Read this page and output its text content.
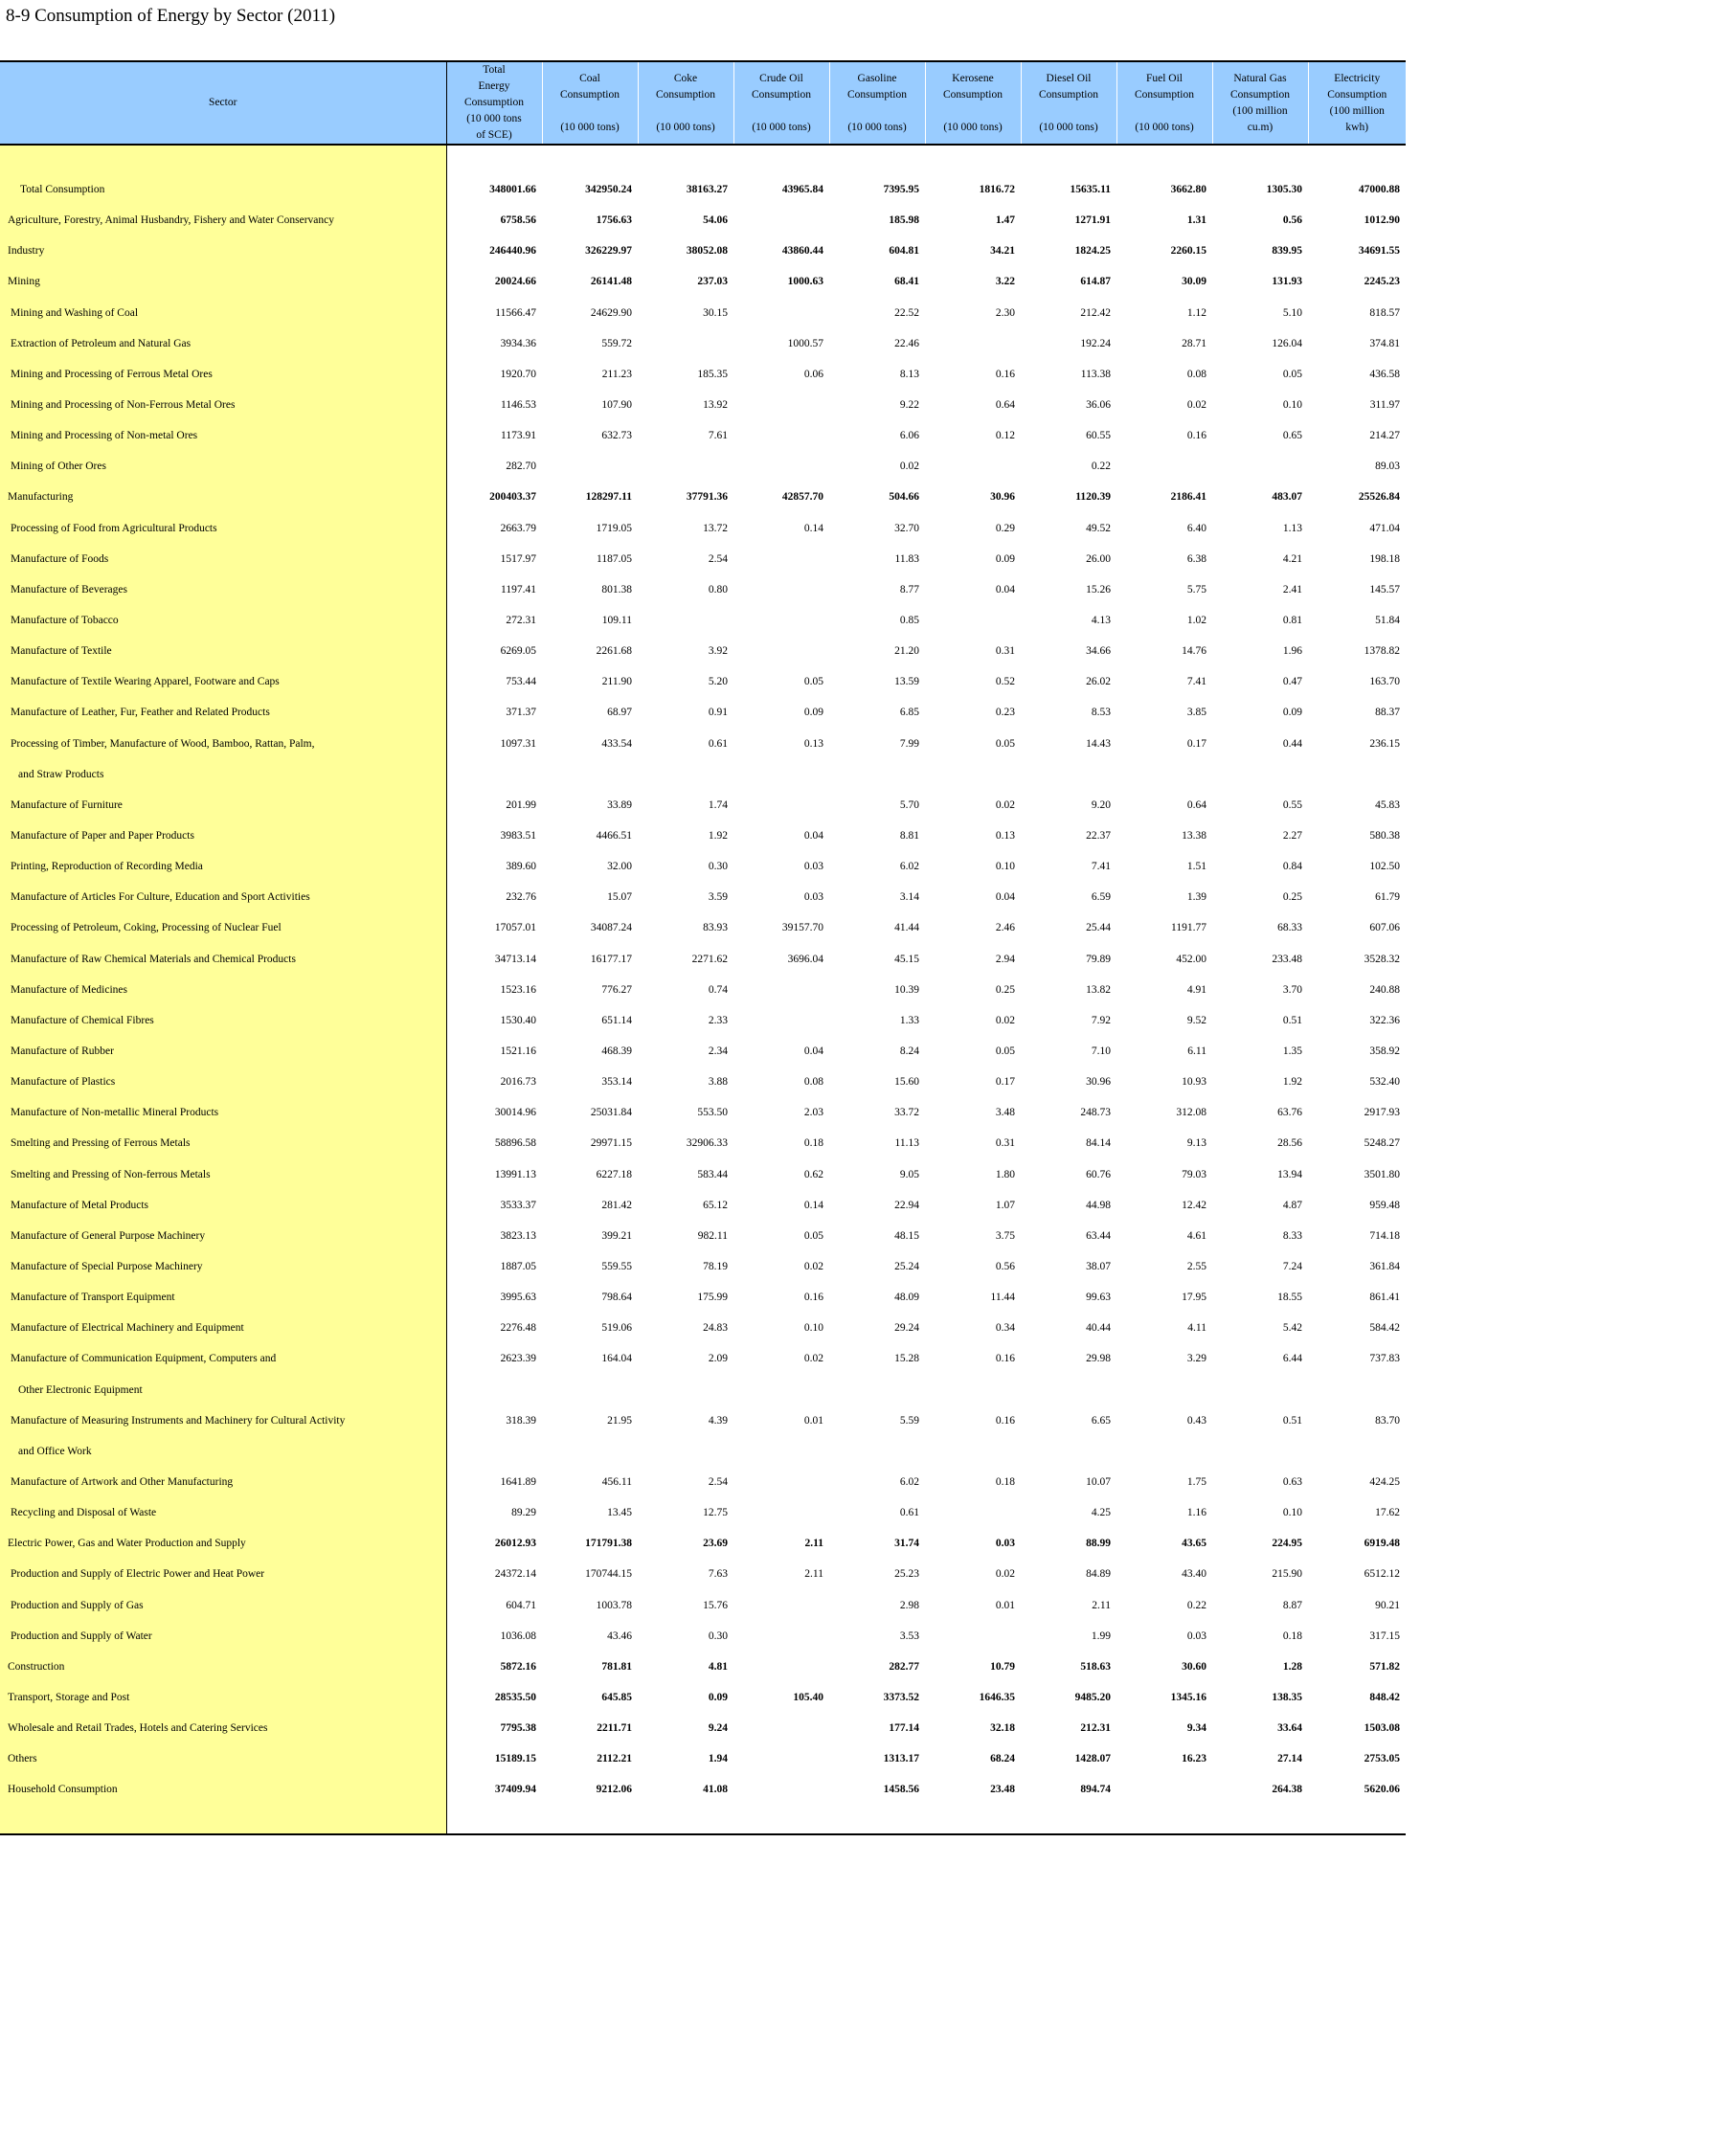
8-9 Consumption of Energy by Sector (2011)
Sector	Total
Energy
Consumption
(10 000 tons
of SCE)	Coal
Consumption

(10 000 tons)	Coke
Consumption

(10 000 tons)	Crude Oil
Consumption

(10 000 tons)	Gasoline
Consumption

(10 000 tons)	Kerosene
Consumption

(10 000 tons)	Diesel Oil
Consumption

(10 000 tons)	Fuel Oil
Consumption

(10 000 tons)	Natural Gas
Consumption
(100 million
cu.m)	Electricity
Consumption
(100 million
kwh)

Total Consumption	348001.66	342950.24	38163.27	43965.84	7395.95	1816.72	15635.11	3662.80	1305.30	47000.88
Agriculture, Forestry, Animal Husbandry, Fishery and Water Conservancy	6758.56	1756.63	54.06		185.98	1.47	1271.91	1.31	0.56	1012.90
Industry	246440.96	326229.97	38052.08	43860.44	604.81	34.21	1824.25	2260.15	839.95	34691.55
Mining	20024.66	26141.48	237.03	1000.63	68.41	3.22	614.87	30.09	131.93	2245.23
Mining and Washing of Coal	11566.47	24629.90	30.15		22.52	2.30	212.42	1.12	5.10	818.57
Extraction of Petroleum and Natural Gas	3934.36	559.72		1000.57	22.46		192.24	28.71	126.04	374.81
Mining and Processing of Ferrous Metal Ores	1920.70	211.23	185.35	0.06	8.13	0.16	113.38	0.08	0.05	436.58
Mining and Processing of Non-Ferrous Metal Ores	1146.53	107.90	13.92		9.22	0.64	36.06	0.02	0.10	311.97
Mining and Processing of Non-metal Ores	1173.91	632.73	7.61		6.06	0.12	60.55	0.16	0.65	214.27
Mining of Other Ores	282.70				0.02		0.22			89.03
Manufacturing	200403.37	128297.11	37791.36	42857.70	504.66	30.96	1120.39	2186.41	483.07	25526.84
Processing of Food from Agricultural Products	2663.79	1719.05	13.72	0.14	32.70	0.29	49.52	6.40	1.13	471.04
Manufacture of Foods	1517.97	1187.05	2.54		11.83	0.09	26.00	6.38	4.21	198.18
Manufacture of Beverages	1197.41	801.38	0.80		8.77	0.04	15.26	5.75	2.41	145.57
Manufacture of Tobacco	272.31	109.11			0.85		4.13	1.02	0.81	51.84
Manufacture of Textile	6269.05	2261.68	3.92		21.20	0.31	34.66	14.76	1.96	1378.82
Manufacture of Textile Wearing Apparel, Footware and Caps	753.44	211.90	5.20	0.05	13.59	0.52	26.02	7.41	0.47	163.70
Manufacture of Leather, Fur, Feather and Related Products	371.37	68.97	0.91	0.09	6.85	0.23	8.53	3.85	0.09	88.37
Processing of Timber, Manufacture of Wood, Bamboo, Rattan, Palm,	1097.31	433.54	0.61	0.13	7.99	0.05	14.43	0.17	0.44	236.15
and Straw Products										
Manufacture of Furniture	201.99	33.89	1.74		5.70	0.02	9.20	0.64	0.55	45.83
Manufacture of Paper and Paper Products	3983.51	4466.51	1.92	0.04	8.81	0.13	22.37	13.38	2.27	580.38
Printing, Reproduction of Recording Media	389.60	32.00	0.30	0.03	6.02	0.10	7.41	1.51	0.84	102.50
Manufacture of Articles For Culture, Education and Sport Activities	232.76	15.07	3.59	0.03	3.14	0.04	6.59	1.39	0.25	61.79
Processing of Petroleum, Coking, Processing of Nuclear Fuel	17057.01	34087.24	83.93	39157.70	41.44	2.46	25.44	1191.77	68.33	607.06
Manufacture of Raw Chemical Materials and Chemical Products	34713.14	16177.17	2271.62	3696.04	45.15	2.94	79.89	452.00	233.48	3528.32
Manufacture of Medicines	1523.16	776.27	0.74		10.39	0.25	13.82	4.91	3.70	240.88
Manufacture of Chemical Fibres	1530.40	651.14	2.33		1.33	0.02	7.92	9.52	0.51	322.36
Manufacture of Rubber	1521.16	468.39	2.34	0.04	8.24	0.05	7.10	6.11	1.35	358.92
Manufacture of Plastics	2016.73	353.14	3.88	0.08	15.60	0.17	30.96	10.93	1.92	532.40
Manufacture of Non-metallic Mineral Products	30014.96	25031.84	553.50	2.03	33.72	3.48	248.73	312.08	63.76	2917.93
Smelting and Pressing of Ferrous Metals	58896.58	29971.15	32906.33	0.18	11.13	0.31	84.14	9.13	28.56	5248.27
Smelting and Pressing of Non-ferrous Metals	13991.13	6227.18	583.44	0.62	9.05	1.80	60.76	79.03	13.94	3501.80
Manufacture of Metal Products	3533.37	281.42	65.12	0.14	22.94	1.07	44.98	12.42	4.87	959.48
Manufacture of General Purpose Machinery	3823.13	399.21	982.11	0.05	48.15	3.75	63.44	4.61	8.33	714.18
Manufacture of Special Purpose Machinery	1887.05	559.55	78.19	0.02	25.24	0.56	38.07	2.55	7.24	361.84
Manufacture of Transport Equipment	3995.63	798.64	175.99	0.16	48.09	11.44	99.63	17.95	18.55	861.41
Manufacture of Electrical Machinery and Equipment	2276.48	519.06	24.83	0.10	29.24	0.34	40.44	4.11	5.42	584.42
Manufacture of Communication Equipment, Computers and	2623.39	164.04	2.09	0.02	15.28	0.16	29.98	3.29	6.44	737.83
Other Electronic Equipment										
Manufacture of Measuring Instruments and Machinery for Cultural Activity	318.39	21.95	4.39	0.01	5.59	0.16	6.65	0.43	0.51	83.70
and Office Work										
Manufacture of Artwork and Other Manufacturing	1641.89	456.11	2.54		6.02	0.18	10.07	1.75	0.63	424.25
Recycling and Disposal of Waste	89.29	13.45	12.75		0.61		4.25	1.16	0.10	17.62
Electric Power, Gas and Water Production and Supply	26012.93	171791.38	23.69	2.11	31.74	0.03	88.99	43.65	224.95	6919.48
Production and Supply of Electric Power and Heat Power	24372.14	170744.15	7.63	2.11	25.23	0.02	84.89	43.40	215.90	6512.12
Production and Supply of Gas	604.71	1003.78	15.76		2.98	0.01	2.11	0.22	8.87	90.21
Production and Supply of Water	1036.08	43.46	0.30		3.53		1.99	0.03	0.18	317.15
Construction	5872.16	781.81	4.81		282.77	10.79	518.63	30.60	1.28	571.82
Transport, Storage and Post	28535.50	645.85	0.09	105.40	3373.52	1646.35	9485.20	1345.16	138.35	848.42
Wholesale and Retail Trades, Hotels and Catering Services	7795.38	2211.71	9.24		177.14	32.18	212.31	9.34	33.64	1503.08
Others	15189.15	2112.21	1.94		1313.17	68.24	1428.07	16.23	27.14	2753.05
Household Consumption	37409.94	9212.06	41.08		1458.56	23.48	894.74		264.38	5620.06
